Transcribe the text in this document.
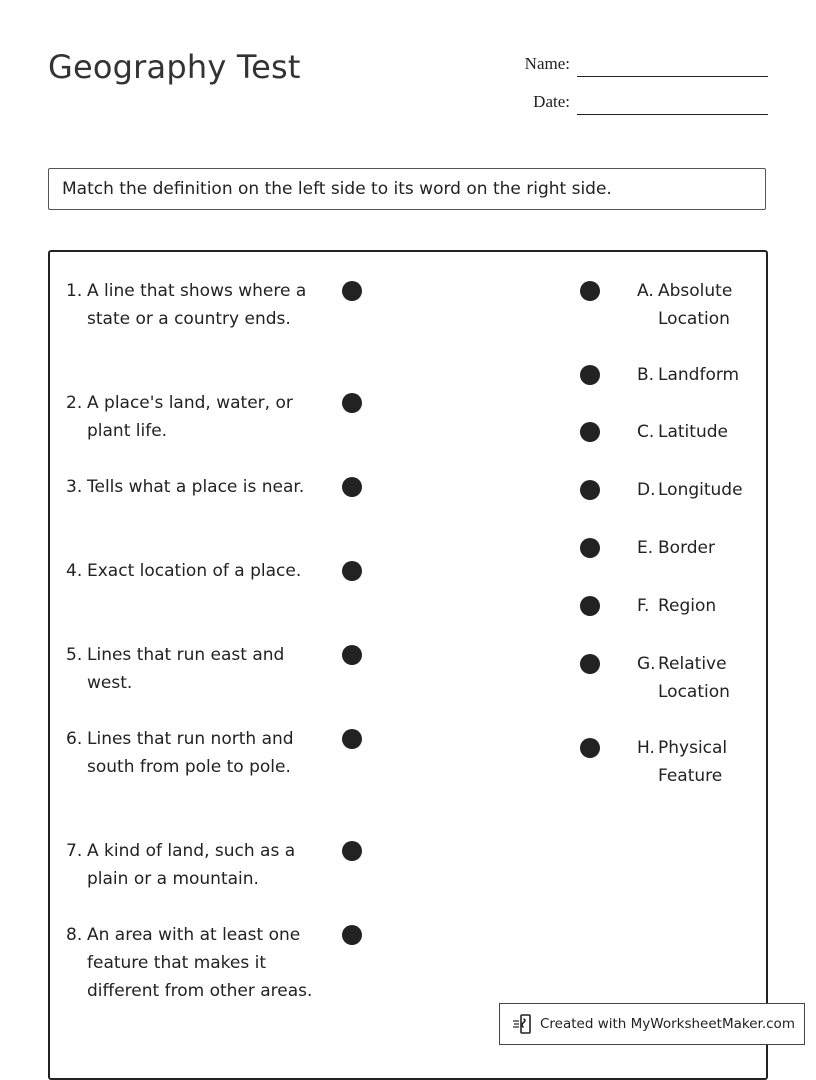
Geography Test	Name:
Date:
Match the definition on the left side to its word on the right side.
1. A line that shows where a state or a country ends.
2. A place's land, water, or plant life.
3. Tells what a place is near.
4. Exact location of a place.
5. Lines that run east and west.
6. Lines that run north and south from pole to pole.
7. A kind of land, such as a plain or a mountain.
8. An area with at least one feature that makes it different from other areas.
A. Absolute Location
B. Landform
C. Latitude
D. Longitude
E. Border
F. Region
G. Relative Location
H. Physical Feature
Created with MyWorksheetMaker.com
